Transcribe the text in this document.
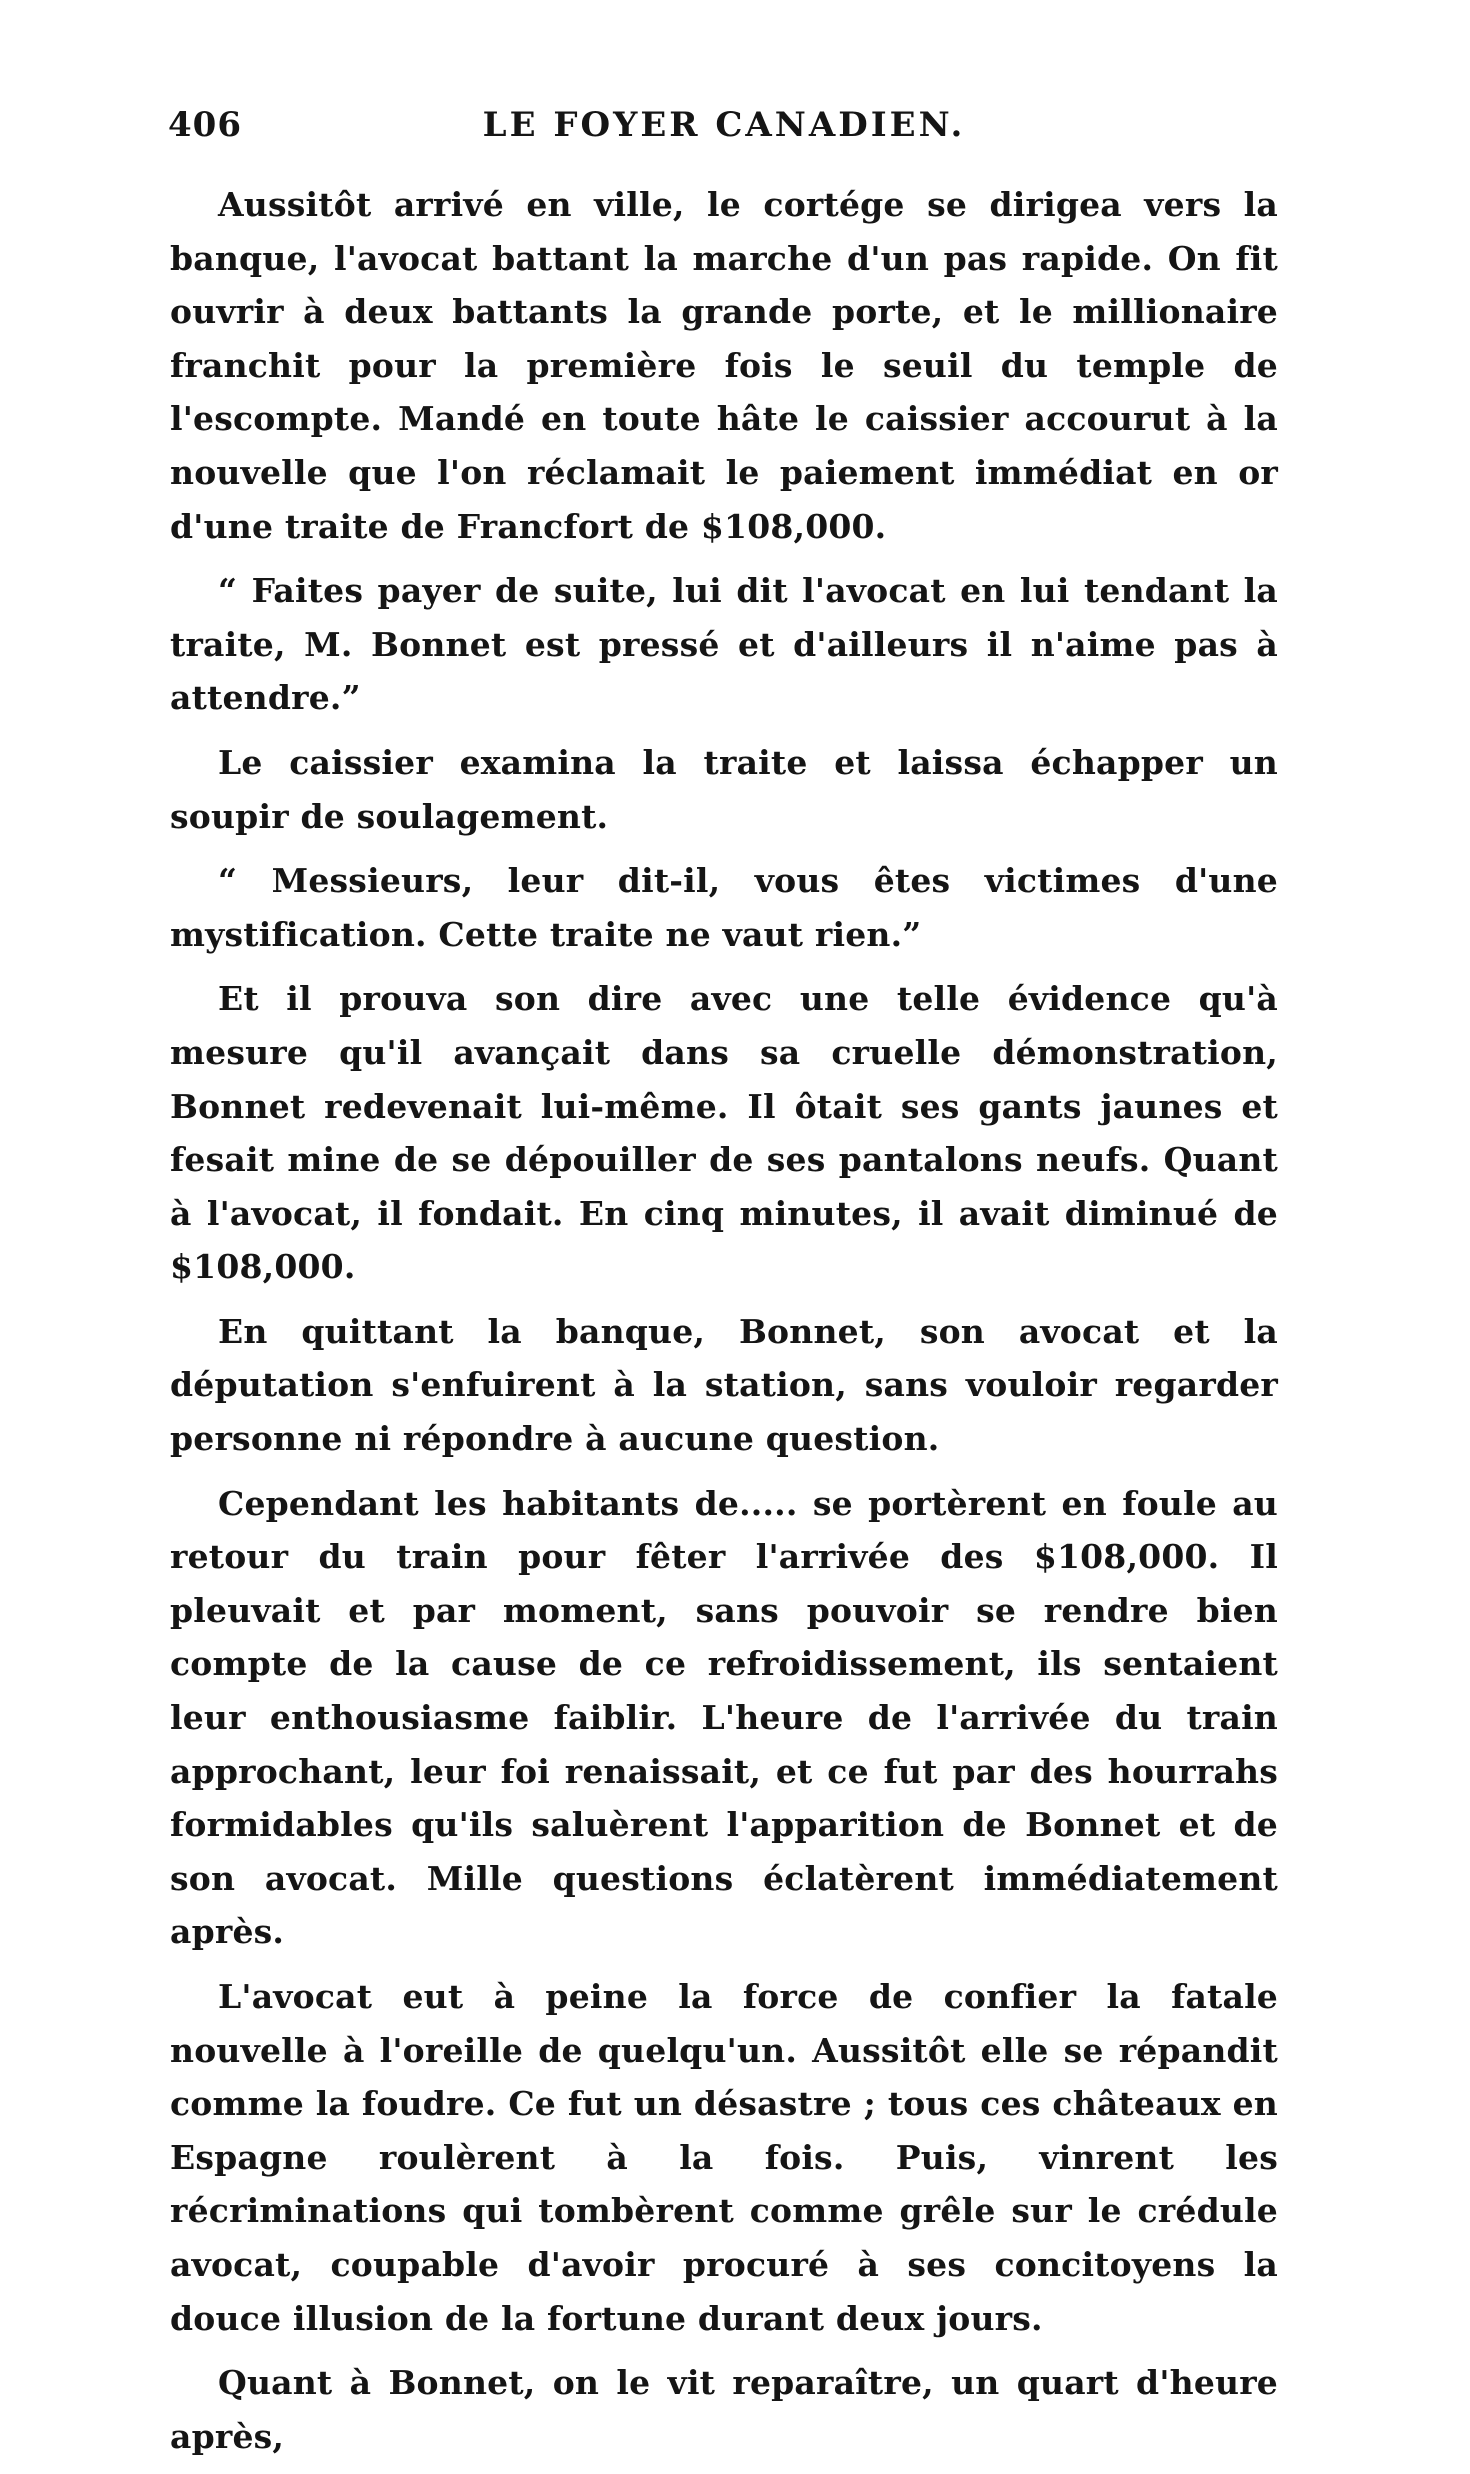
406	LE FOYER CANADIEN.

Aussitôt arrivé en ville, le cortége se dirigea vers la banque, l'avocat battant la marche d'un pas rapide. On fit ouvrir à deux battants la grande porte, et le millionaire franchit pour la première fois le seuil du temple de l'escompte. Mandé en toute hâte le caissier accourut à la nouvelle que l'on réclamait le paiement immédiat en or d'une traite de Francfort de $108,000.

“ Faites payer de suite, lui dit l'avocat en lui tendant la traite, M. Bonnet est pressé et d'ailleurs il n'aime pas à attendre.”

Le caissier examina la traite et laissa échapper un soupir de soulagement.

“ Messieurs, leur dit-il, vous êtes victimes d'une mystification. Cette traite ne vaut rien.”

Et il prouva son dire avec une telle évidence qu'à mesure qu'il avançait dans sa cruelle démonstration, Bonnet redevenait lui-même. Il ôtait ses gants jaunes et fesait mine de se dépouiller de ses pantalons neufs. Quant à l'avocat, il fondait. En cinq minutes, il avait diminué de $108,000.

En quittant la banque, Bonnet, son avocat et la députation s'enfuirent à la station, sans vouloir regarder personne ni répondre à aucune question.

Cependant les habitants de..... se portèrent en foule au retour du train pour fêter l'arrivée des $108,000. Il pleuvait et par moment, sans pouvoir se rendre bien compte de la cause de ce refroidissement, ils sentaient leur enthousiasme faiblir. L'heure de l'arrivée du train approchant, leur foi renaissait, et ce fut par des hourrahs formidables qu'ils saluèrent l'apparition de Bonnet et de son avocat. Mille questions éclatèrent immédiatement après.

L'avocat eut à peine la force de confier la fatale nouvelle à l'oreille de quelqu'un. Aussitôt elle se répandit comme la foudre. Ce fut un désastre ; tous ces châteaux en Espagne roulèrent à la fois. Puis, vinrent les récriminations qui tombèrent comme grêle sur le crédule avocat, coupable d'avoir procuré à ses concitoyens la douce illusion de la fortune durant deux jours.

Quant à Bonnet, on le vit reparaître, un quart d'heure après,
